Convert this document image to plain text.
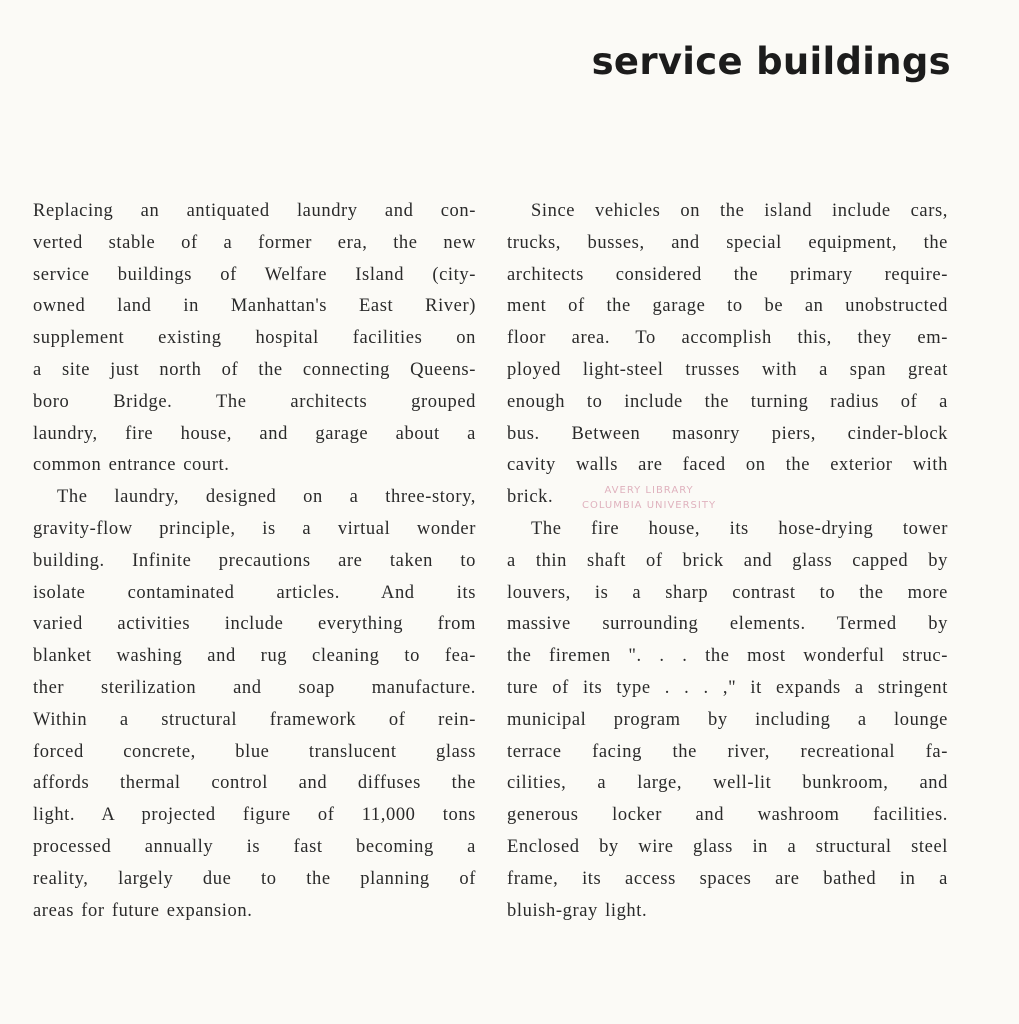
service buildings
Replacing an antiquated laundry and con-
verted stable of a former era, the new
service buildings of Welfare Island (city-
owned land in Manhattan's East River)
supplement existing hospital facilities on
a site just north of the connecting Queens-
boro Bridge. The architects grouped
laundry, fire house, and garage about a
common entrance court.
The laundry, designed on a three-story,
gravity-flow principle, is a virtual wonder
building. Infinite precautions are taken to
isolate contaminated articles. And its
varied activities include everything from
blanket washing and rug cleaning to fea-
ther sterilization and soap manufacture.
Within a structural framework of rein-
forced concrete, blue translucent glass
affords thermal control and diffuses the
light. A projected figure of 11,000 tons
processed annually is fast becoming a
reality, largely due to the planning of
areas for future expansion.
Since vehicles on the island include cars,
trucks, busses, and special equipment, the
architects considered the primary require-
ment of the garage to be an unobstructed
floor area. To accomplish this, they em-
ployed light-steel trusses with a span great
enough to include the turning radius of a
bus. Between masonry piers, cinder-block
cavity walls are faced on the exterior with
brick.
The fire house, its hose-drying tower
a thin shaft of brick and glass capped by
louvers, is a sharp contrast to the more
massive surrounding elements. Termed by
the firemen ". . . the most wonderful struc-
ture of its type . . . ," it expands a stringent
municipal program by including a lounge
terrace facing the river, recreational fa-
cilities, a large, well-lit bunkroom, and
generous locker and washroom facilities.
Enclosed by wire glass in a structural steel
frame, its access spaces are bathed in a
bluish-gray light.
AVERY LIBRARY
COLUMBIA UNIVERSITY
